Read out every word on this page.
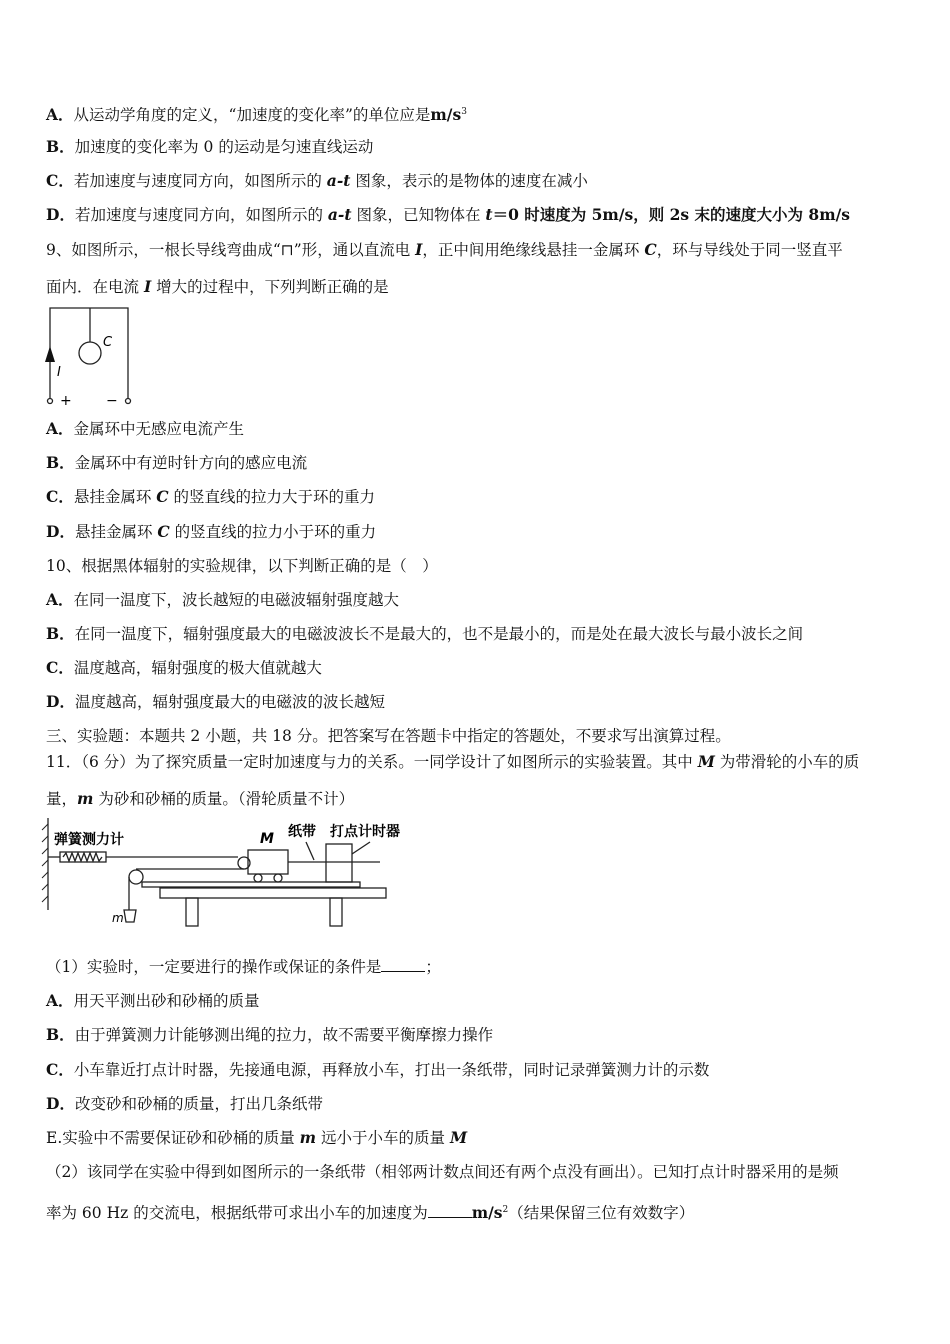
A．从运动学角度的定义，“加速度的变化率”的单位应是$m/s^3$
B．加速度的变化率为 0 的运动是匀速直线运动
C．若加速度与速度同方向，如图所示的 a-t 图象，表示的是物体的速度在减小
D．若加速度与速度同方向，如图所示的 a-t 图象，已知物体在 t＝0 时速度为 5m/s，则 2s 末的速度大小为 8m/s
9、如图所示，一根长导线弯曲成“⊓”形，通以直流电 I，正中间用绝缘线悬挂一金属环 C，环与导线处于同一竖直平
面内．在电流 I 增大的过程中，下列判断正确的是
C
I
+ −
A．金属环中无感应电流产生
B．金属环中有逆时针方向的感应电流
C．悬挂金属环 C 的竖直线的拉力大于环的重力
D．悬挂金属环 C 的竖直线的拉力小于环的重力
10、根据黑体辐射的实验规律，以下判断正确的是（　）
A．在同一温度下，波长越短的电磁波辐射强度越大
B．在同一温度下，辐射强度最大的电磁波波长不是最大的，也不是最小的，而是处在最大波长与最小波长之间
C．温度越高，辐射强度的极大值就越大
D．温度越高，辐射强度最大的电磁波的波长越短
三、实验题：本题共 2 小题，共 18 分。把答案写在答题卡中指定的答题处，不要求写出演算过程。
11．（6 分）为了探究质量一定时加速度与力的关系。一同学设计了如图所示的实验装置。其中 M 为带滑轮的小车的质
量，m 为砂和砂桶的质量。（滑轮质量不计）
弹簧测力计	M 纸带 打点计时器
m
（1）实验时，一定要进行的操作或保证的条件是	；
A．用天平测出砂和砂桶的质量
B．由于弹簧测力计能够测出绳的拉力，故不需要平衡摩擦力操作
C．小车靠近打点计时器，先接通电源，再释放小车，打出一条纸带，同时记录弹簧测力计的示数
D．改变砂和砂桶的质量，打出几条纸带
E.实验中不需要保证砂和砂桶的质量 m 远小于小车的质量 M
（2）该同学在实验中得到如图所示的一条纸带（相邻两计数点间还有两个点没有画出）。已知打点计时器采用的是频
率为 60 Hz 的交流电，根据纸带可求出小车的加速度为	$m/s^2$（结果保留三位有效数字）
